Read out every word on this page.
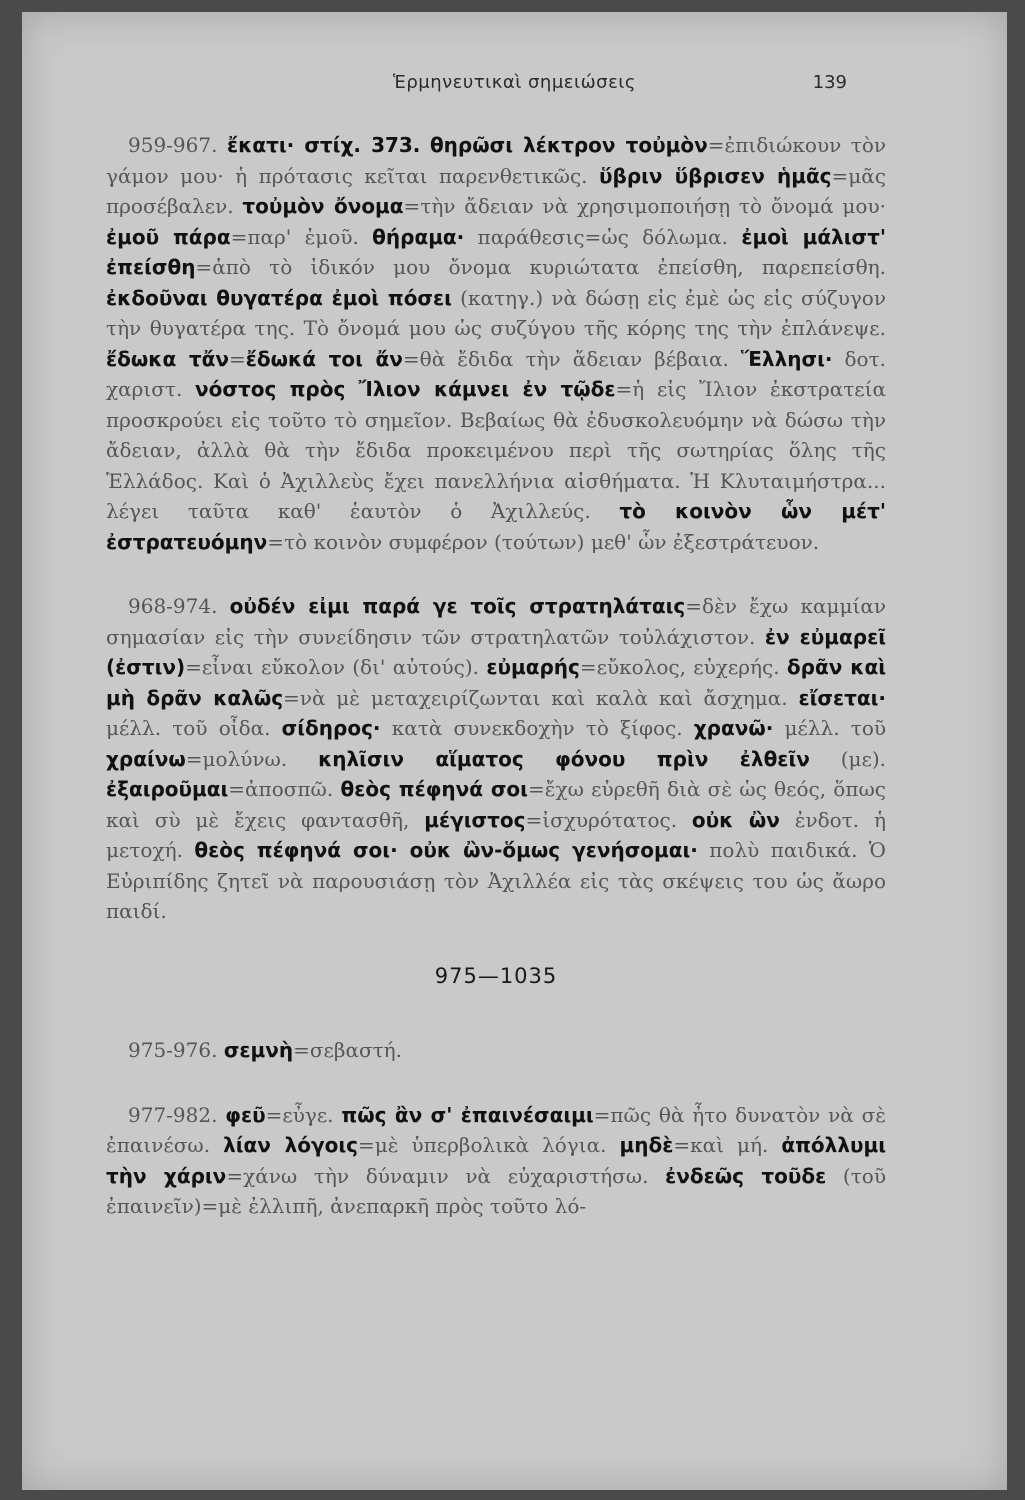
Ἑρμηνευτικαὶ σημειώσεις	139

959-967. ἔκατι· στίχ. 373. θηρῶσι λέκτρον τοὐμὸν=ἐπιδιώκουν τὸν γάμον μου· ἡ πρότασις κεῖται παρενθετικῶς. ὕβριν ὕβρισεν ἡμᾶς=μᾶς προσέβαλεν. τοὐμὸν ὄνομα=τὴν ἄδειαν νὰ χρησιμοποιήσῃ τὸ ὄνομά μου· ἐμοῦ πάρα=παρ' ἐμοῦ. θήραμα· παράθεσις=ὡς δόλωμα. ἐμοὶ μάλιστ' ἐπείσθη=ἀπὸ τὸ ἰδικόν μου ὄνομα κυριώτατα ἐπείσθη, παρεπείσθη. ἐκδοῦναι θυγατέρα ἐμοὶ πόσει (κατηγ.) νὰ δώσῃ εἰς ἐμὲ ὡς εἰς σύζυγον τὴν θυγατέρα της. Τὸ ὄνομά μου ὡς συζύγου τῆς κόρης της τὴν ἐπλάνεψε. ἔδωκα τἄν=ἔδωκά τοι ἄν=θὰ ἔδιδα τὴν ἄδειαν βέβαια. Ἕλλησι· δοτ. χαριστ. νόστος πρὸς Ἴλιον κάμνει ἐν τῷδε=ἡ εἰς Ἴλιον ἐκστρατεία προσκρούει εἰς τοῦτο τὸ σημεῖον. Βεβαίως θὰ ἐδυσκολευόμην νὰ δώσω τὴν ἄδειαν, ἀλλὰ θὰ τὴν ἔδιδα προκειμένου περὶ τῆς σωτηρίας ὅλης τῆς Ἑλλάδος. Καὶ ὁ Ἀχιλλεὺς ἔχει πανελλήνια αἰσθήματα. Ἡ Κλυταιμήστρα... λέγει ταῦτα καθ' ἑαυτὸν ὁ Ἀχιλλεύς. τὸ κοινὸν ὧν μέτ' ἐστρατευόμην=τὸ κοινὸν συμφέρον (τούτων) μεθ' ὧν ἐξεστράτευον.

968-974. οὐδέν εἰμι παρά γε τοῖς στρατηλάταις=δὲν ἔχω καμμίαν σημασίαν εἰς τὴν συνείδησιν τῶν στρατηλατῶν τοὐλάχιστον. ἐν εὐμαρεῖ (ἐστιν)=εἶναι εὔκολον (δι' αὐτούς). εὐμαρής=εὔκολος, εὐχερής. δρᾶν καὶ μὴ δρᾶν καλῶς=νὰ μὲ μεταχειρίζωνται καὶ καλὰ καὶ ἄσχημα. εἴσεται· μέλλ. τοῦ οἶδα. σίδηρος· κατὰ συνεκδοχὴν τὸ ξίφος. χρανῶ· μέλλ. τοῦ χραίνω=μολύνω. κηλῖσιν αἵματος φόνου πρὶν ἐλθεῖν (με). ἐξαιροῦμαι=ἀποσπῶ. θεὸς πέφηνά σοι=ἔχω εὑρεθῆ διὰ σὲ ὡς θεός, ὅπως καὶ σὺ μὲ ἔχεις φαντασθῆ, μέγιστος=ἰσχυρότατος. οὐκ ὢν ἐνδοτ. ἡ μετοχή. θεὸς πέφηνά σοι· οὐκ ὢν-ὅμως γενήσομαι· πολὺ παιδικά. Ὁ Εὐριπίδης ζητεῖ νὰ παρουσιάσῃ τὸν Ἀχιλλέα εἰς τὰς σκέψεις του ὡς ἄωρο παιδί.

975—1035

975-976. σεμνὴ=σεβαστή.

977-982. φεῦ=εὖγε. πῶς ἂν σ' ἐπαινέσαιμι=πῶς θὰ ἦτο δυνατὸν νὰ σὲ ἐπαινέσω. λίαν λόγοις=μὲ ὑπερβολικὰ λόγια. μηδὲ=καὶ μή. ἀπόλλυμι τὴν χάριν=χάνω τὴν δύναμιν νὰ εὐχαριστήσω. ἐνδεῶς τοῦδε (τοῦ ἐπαινεῖν)=μὲ ἐλλιπῆ, ἀνεπαρκῆ πρὸς τοῦτο λό-
